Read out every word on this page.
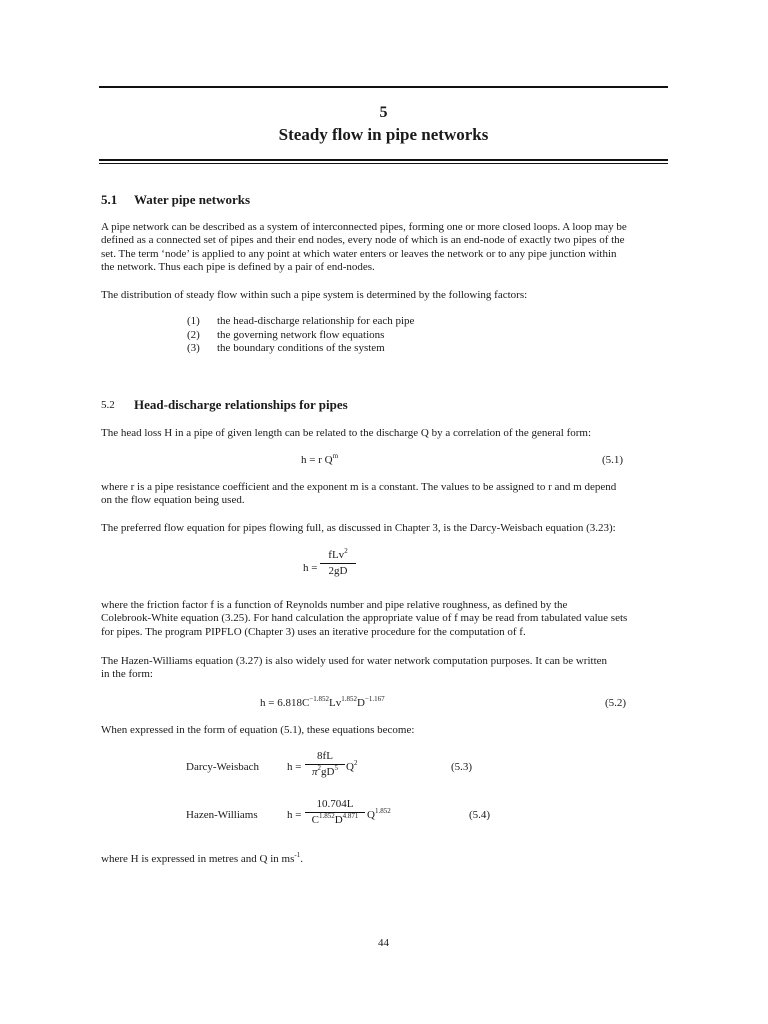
5
Steady flow in pipe networks
5.1 Water pipe networks
A pipe network can be described as a system of interconnected pipes, forming one or more closed loops. A loop may be
defined as a connected set of pipes and their end nodes, every node of which is an end-node of exactly two pipes of the
set. The term ‘node’ is applied to any point at which water enters or leaves the network or to any pipe junction within
the network. Thus each pipe is defined by a pair of end-nodes.
The distribution of steady flow within such a pipe system is determined by the following factors:
(1) the head-discharge relationship for each pipe
(2) the governing network flow equations
(3) the boundary conditions of the system
5.2 Head-discharge relationships for pipes
The head loss H in a pipe of given length can be related to the discharge Q by a correlation of the general form:
h = r $Q^m$	(5.1)
where r is a pipe resistance coefficient and the exponent m is a constant. The values to be assigned to r and m depend
on the flow equation being used.
The preferred flow equation for pipes flowing full, as discussed in Chapter 3, is the Darcy-Weisbach equation (3.23):
h =
fLv$^2$
2gD
where the friction factor f is a function of Reynolds number and pipe relative roughness, as defined by the
Colebrook-White equation (3.25). For hand calculation the appropriate value of f may be read from tabulated value sets
for pipes. The program PIPFLO (Chapter 3) uses an iterative procedure for the computation of f.
The Hazen-Williams equation (3.27) is also widely used for water network computation purposes. It can be written
in the form:
$h = 6.818C^{-1.852}Lv^{1.852}D^{-1.167}$	(5.2)
When expressed in the form of equation (5.1), these equations become:
Darcy-Weisbach	h =
8fL
$\pi^2gD^5$ $Q^2$	(5.3)
Hazen-Williams	h =
10.704L
$C^{1.852}D^{4.871}$ $Q^{1.852}$	(5.4)
where H is expressed in metres and Q in $ms^{-1}$.
44
